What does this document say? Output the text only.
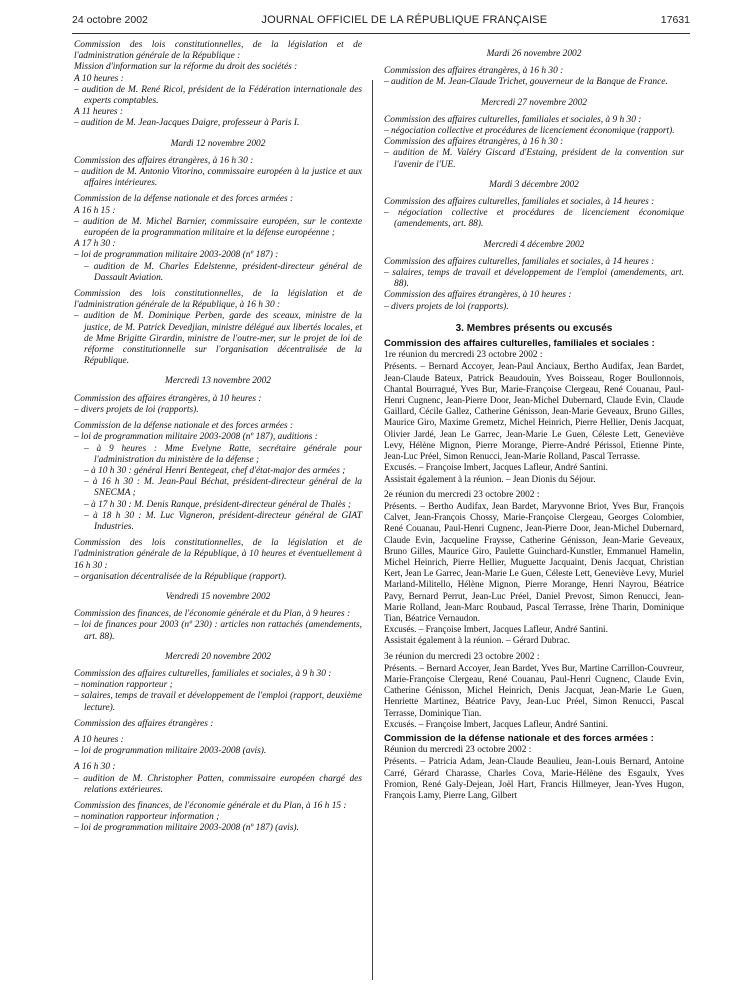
24 octobre 2002	JOURNAL OFFICIEL DE LA RÉPUBLIQUE FRANÇAISE	17631
Commission des lois constitutionnelles, de la législation et de l'administration générale de la République :
Mission d'information sur la réforme du droit des sociétés :
A 10 heures :
– audition de M. René Ricol, président de la Fédération internationale des experts comptables.
A 11 heures :
– audition de M. Jean-Jacques Daigre, professeur à Paris I.
Mardi 12 novembre 2002
Commission des affaires étrangères, à 16 h 30 :
– audition de M. Antonio Vitorino, commissaire européen à la justice et aux affaires intérieures.
Commission de la défense nationale et des forces armées :
A 16 h 15 :
– audition de M. Michel Barnier, commissaire européen, sur le contexte européen de la programmation militaire et la défense européenne ;
A 17 h 30 :
– loi de programmation militaire 2003-2008 (nº 187) :
– audition de M. Charles Edelstenne, président-directeur général de Dassault Aviation.
Commission des lois constitutionnelles, de la législation et de l'administration générale de la République, à 16 h 30 :
– audition de M. Dominique Perben, garde des sceaux, ministre de la justice, de M. Patrick Devedjian, ministre délégué aux libertés locales, et de Mme Brigitte Girardin, ministre de l'outre-mer, sur le projet de loi de réforme constitutionnelle sur l'organisation décentralisée de la République.
Mercredi 13 novembre 2002
Commission des affaires étrangères, à 10 heures :
– divers projets de loi (rapports).
Commission de la défense nationale et des forces armées :
– loi de programmation militaire 2003-2008 (nº 187), auditions :
– à 9 heures : Mme Evelyne Ratte, secrétaire générale pour l'administration du ministère de la défense ;
– à 10 h 30 : général Henri Bentegeat, chef d'état-major des armées ;
– à 16 h 30 : M. Jean-Paul Béchat, président-directeur général de la SNECMA ;
– à 17 h 30 : M. Denis Ranque, président-directeur général de Thalès ;
– à 18 h 30 : M. Luc Vigneron, président-directeur général de GIAT Industries.
Commission des lois constitutionnelles, de la législation et de l'administration générale de la République, à 10 heures et éventuellement à 16 h 30 :
– organisation décentralisée de la République (rapport).
Vendredi 15 novembre 2002
Commission des finances, de l'économie générale et du Plan, à 9 heures :
– loi de finances pour 2003 (nº 230) : articles non rattachés (amendements, art. 88).
Mercredi 20 novembre 2002
Commission des affaires culturelles, familiales et sociales, à 9 h 30 :
– nomination rapporteur ;
– salaires, temps de travail et développement de l'emploi (rapport, deuxième lecture).
Commission des affaires étrangères :
A 10 heures :
– loi de programmation militaire 2003-2008 (avis).
A 16 h 30 :
– audition de M. Christopher Patten, commissaire européen chargé des relations extérieures.
Commission des finances, de l'économie générale et du Plan, à 16 h 15 :
– nomination rapporteur information ;
– loi de programmation militaire 2003-2008 (nº 187) (avis).
Mardi 26 novembre 2002
Commission des affaires étrangères, à 16 h 30 :
– audition de M. Jean-Claude Trichet, gouverneur de la Banque de France.
Mercredi 27 novembre 2002
Commission des affaires culturelles, familiales et sociales, à 9 h 30 :
– négociation collective et procédures de licenciement économique (rapport).
Commission des affaires étrangères, à 16 h 30 :
– audition de M. Valéry Giscard d'Estaing, président de la convention sur l'avenir de l'UE.
Mardi 3 décembre 2002
Commission des affaires culturelles, familiales et sociales, à 14 heures :
– négociation collective et procédures de licenciement économique (amendements, art. 88).
Mercredi 4 décembre 2002
Commission des affaires culturelles, familiales et sociales, à 14 heures :
– salaires, temps de travail et développement de l'emploi (amendements, art. 88).
Commission des affaires étrangères, à 10 heures :
– divers projets de loi (rapports).
3. Membres présents ou excusés
Commission des affaires culturelles, familiales et sociales :
1re réunion du mercredi 23 octobre 2002 :
Présents. – Bernard Accoyer, Jean-Paul Anciaux, Bertho Audifax, Jean Bardet, Jean-Claude Bateux, Patrick Beaudouin, Yves Boisseau, Roger Boullonnois, Chantal Bourragué, Yves Bur, Marie-Françoise Clergeau, René Couanau, Paul-Henri Cugnenc, Jean-Pierre Door, Jean-Michel Dubernard, Claude Evin, Claude Gaillard, Cécile Gallez, Catherine Génisson, Jean-Marie Geveaux, Bruno Gilles, Maurice Giro, Maxime Gremetz, Michel Heinrich, Pierre Hellier, Denis Jacquat, Olivier Jardé, Jean Le Garrec, Jean-Marie Le Guen, Céleste Lett, Geneviève Levy, Hélène Mignon, Pierre Morange, Pierre-André Périssol, Etienne Pinte, Jean-Luc Préel, Simon Renucci, Jean-Marie Rolland, Pascal Terrasse.
Excusés. – Françoise Imbert, Jacques Lafleur, André Santini.
Assistait également à la réunion. – Jean Dionis du Séjour.
2e réunion du mercredi 23 octobre 2002 :
Présents. – Bertho Audifax, Jean Bardet, Maryvonne Briot, Yves Bur, François Calvet, Jean-François Chossy, Marie-Françoise Clergeau, Georges Colombier, René Couanau, Paul-Henri Cugnenc, Jean-Pierre Door, Jean-Michel Dubernard, Claude Evin, Jacqueline Fraysse, Catherine Génisson, Jean-Marie Geveaux, Bruno Gilles, Maurice Giro, Paulette Guinchard-Kunstler, Emmanuel Hamelin, Michel Heinrich, Pierre Hellier, Muguette Jacquaint, Denis Jacquat, Christian Kert, Jean Le Garrec, Jean-Marie Le Guen, Céleste Lett, Geneviève Levy, Muriel Marland-Militello, Hélène Mignon, Pierre Morange, Henri Nayrou, Béatrice Pavy, Bernard Perrut, Jean-Luc Préel, Daniel Prevost, Simon Renucci, Jean-Marie Rolland, Jean-Marc Roubaud, Pascal Terrasse, Irène Tharin, Dominique Tian, Béatrice Vernaudon.
Excusés. – Françoise Imbert, Jacques Lafleur, André Santini.
Assistait également à la réunion. – Gérard Dubrac.
3e réunion du mercredi 23 octobre 2002 :
Présents. – Bernard Accoyer, Jean Bardet, Yves Bur, Martine Carrillon-Couvreur, Marie-Françoise Clergeau, René Couanau, Paul-Henri Cugnenc, Claude Evin, Catherine Génisson, Michel Heinrich, Denis Jacquat, Jean-Marie Le Guen, Henriette Martinez, Béatrice Pavy, Jean-Luc Préel, Simon Renucci, Pascal Terrasse, Dominique Tian.
Excusés. – Françoise Imbert, Jacques Lafleur, André Santini.
Commission de la défense nationale et des forces armées :
Réunion du mercredi 23 octobre 2002 :
Présents. – Patricia Adam, Jean-Claude Beaulieu, Jean-Louis Bernard, Antoine Carré, Gérard Charasse, Charles Cova, Marie-Hélène des Esgaulx, Yves Fromion, René Galy-Dejean, Joël Hart, Francis Hillmeyer, Jean-Yves Hugon, François Lamy, Pierre Lang, Gilbert
